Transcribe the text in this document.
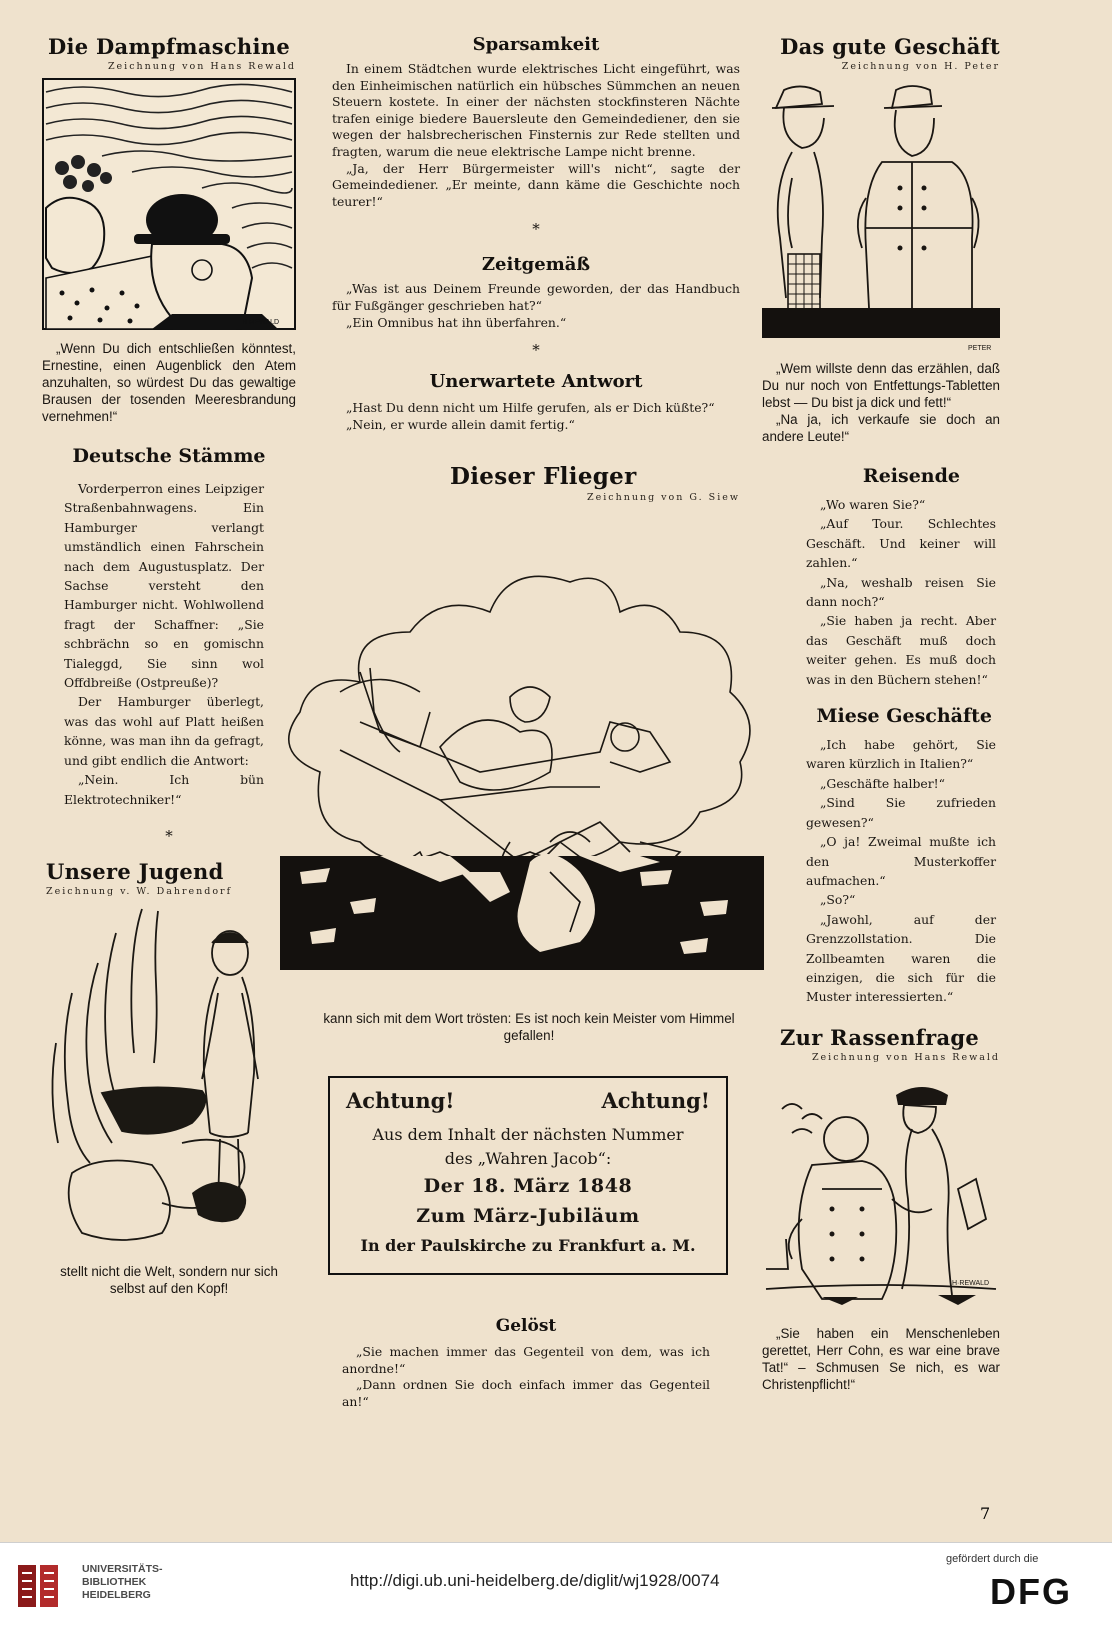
Die Dampfmaschine
Zeichnung von Hans Rewald
H·REWALD

„Wenn Du dich entschließen könntest, Ernestine, einen Augenblick den Atem anzuhalten, so würdest Du das gewaltige Brausen der tosenden Meeresbrandung vernehmen!“

Deutsche Stämme

Vorderperron eines Leipziger Straßenbahnwagens. Ein Hamburger verlangt umständlich einen Fahrschein nach dem Augustusplatz. Der Sachse versteht den Hamburger nicht. Wohlwollend fragt der Schaffner: „Sie schbrächn so en gomischn Tialeggd, Sie sinn wol Offdbreiße (Ostpreuße)?

Der Hamburger überlegt, was das wohl auf Platt heißen könne, was man ihn da gefragt, und gibt endlich die Antwort:

„Nein. Ich bün Elektrotechniker!“

*
Unsere Jugend
Zeichnung v. W. Dahrendorf

stellt nicht die Welt, sondern nur sich selbst auf den Kopf!

Sparsamkeit

In einem Städtchen wurde elektrisches Licht eingeführt, was den Einheimischen natürlich ein hübsches Sümmchen an neuen Steuern kostete. In einer der nächsten stockfinsteren Nächte trafen einige biedere Bauersleute den Gemeindediener, den sie wegen der halsbrecherischen Finsternis zur Rede stellten und fragten, warum die neue elektrische Lampe nicht brenne.

„Ja, der Herr Bürgermeister will's nicht“, sagte der Gemeindediener. „Er meinte, dann käme die Geschichte noch teurer!“

*
Zeitgemäß

„Was ist aus Deinem Freunde geworden, der das Handbuch für Fußgänger geschrieben hat?“

„Ein Omnibus hat ihn überfahren.“

*
Unerwartete Antwort

„Hast Du denn nicht um Hilfe gerufen, als er Dich küßte?“

„Nein, er wurde allein damit fertig.“

Dieser Flieger
Zeichnung von G. Siew

kann sich mit dem Wort trösten: Es ist noch kein Meister vom Himmel gefallen!

Achtung!	Achtung!
Aus dem Inhalt der nächsten Nummer
des „Wahren Jacob“:
Der 18. März 1848
Zum März-Jubiläum
In der Paulskirche zu Frankfurt a. M.
Gelöst

„Sie machen immer das Gegenteil von dem, was ich anordne!“

„Dann ordnen Sie doch einfach immer das Gegenteil an!“

Das gute Geschäft
Zeichnung von H. Peter
PETER

„Wem willste denn das erzählen, daß Du nur noch von Entfettungs-Tabletten lebst — Du bist ja dick und fett!“

„Na ja, ich verkaufe sie doch an andere Leute!“

Reisende

„Wo waren Sie?“

„Auf Tour. Schlechtes Geschäft. Und keiner will zahlen.“

„Na, weshalb reisen Sie dann noch?“

„Sie haben ja recht. Aber das Geschäft muß doch weiter gehen. Es muß doch was in den Büchern stehen!“

Miese Geschäfte

„Ich habe gehört, Sie waren kürzlich in Italien?“

„Geschäfte halber!“

„Sind Sie zufrieden gewesen?“

„O ja! Zweimal mußte ich den Musterkoffer aufmachen.“

„So?“

„Jawohl, auf der Grenzzollstation. Die Zollbeamten waren die einzigen, die sich für die Muster interessierten.“

Zur Rassenfrage
Zeichnung von Hans Rewald
H·REWALD

„Sie haben ein Menschenleben gerettet, Herr Cohn, es war eine brave Tat!“ – Schmusen Se nich, es war Christenpflicht!“

7
UNIVERSITÄTS-
BIBLIOTHEK
HEIDELBERG
http://digi.ub.uni-heidelberg.de/diglit/wj1928/0074
gefördert durch die
DFG
